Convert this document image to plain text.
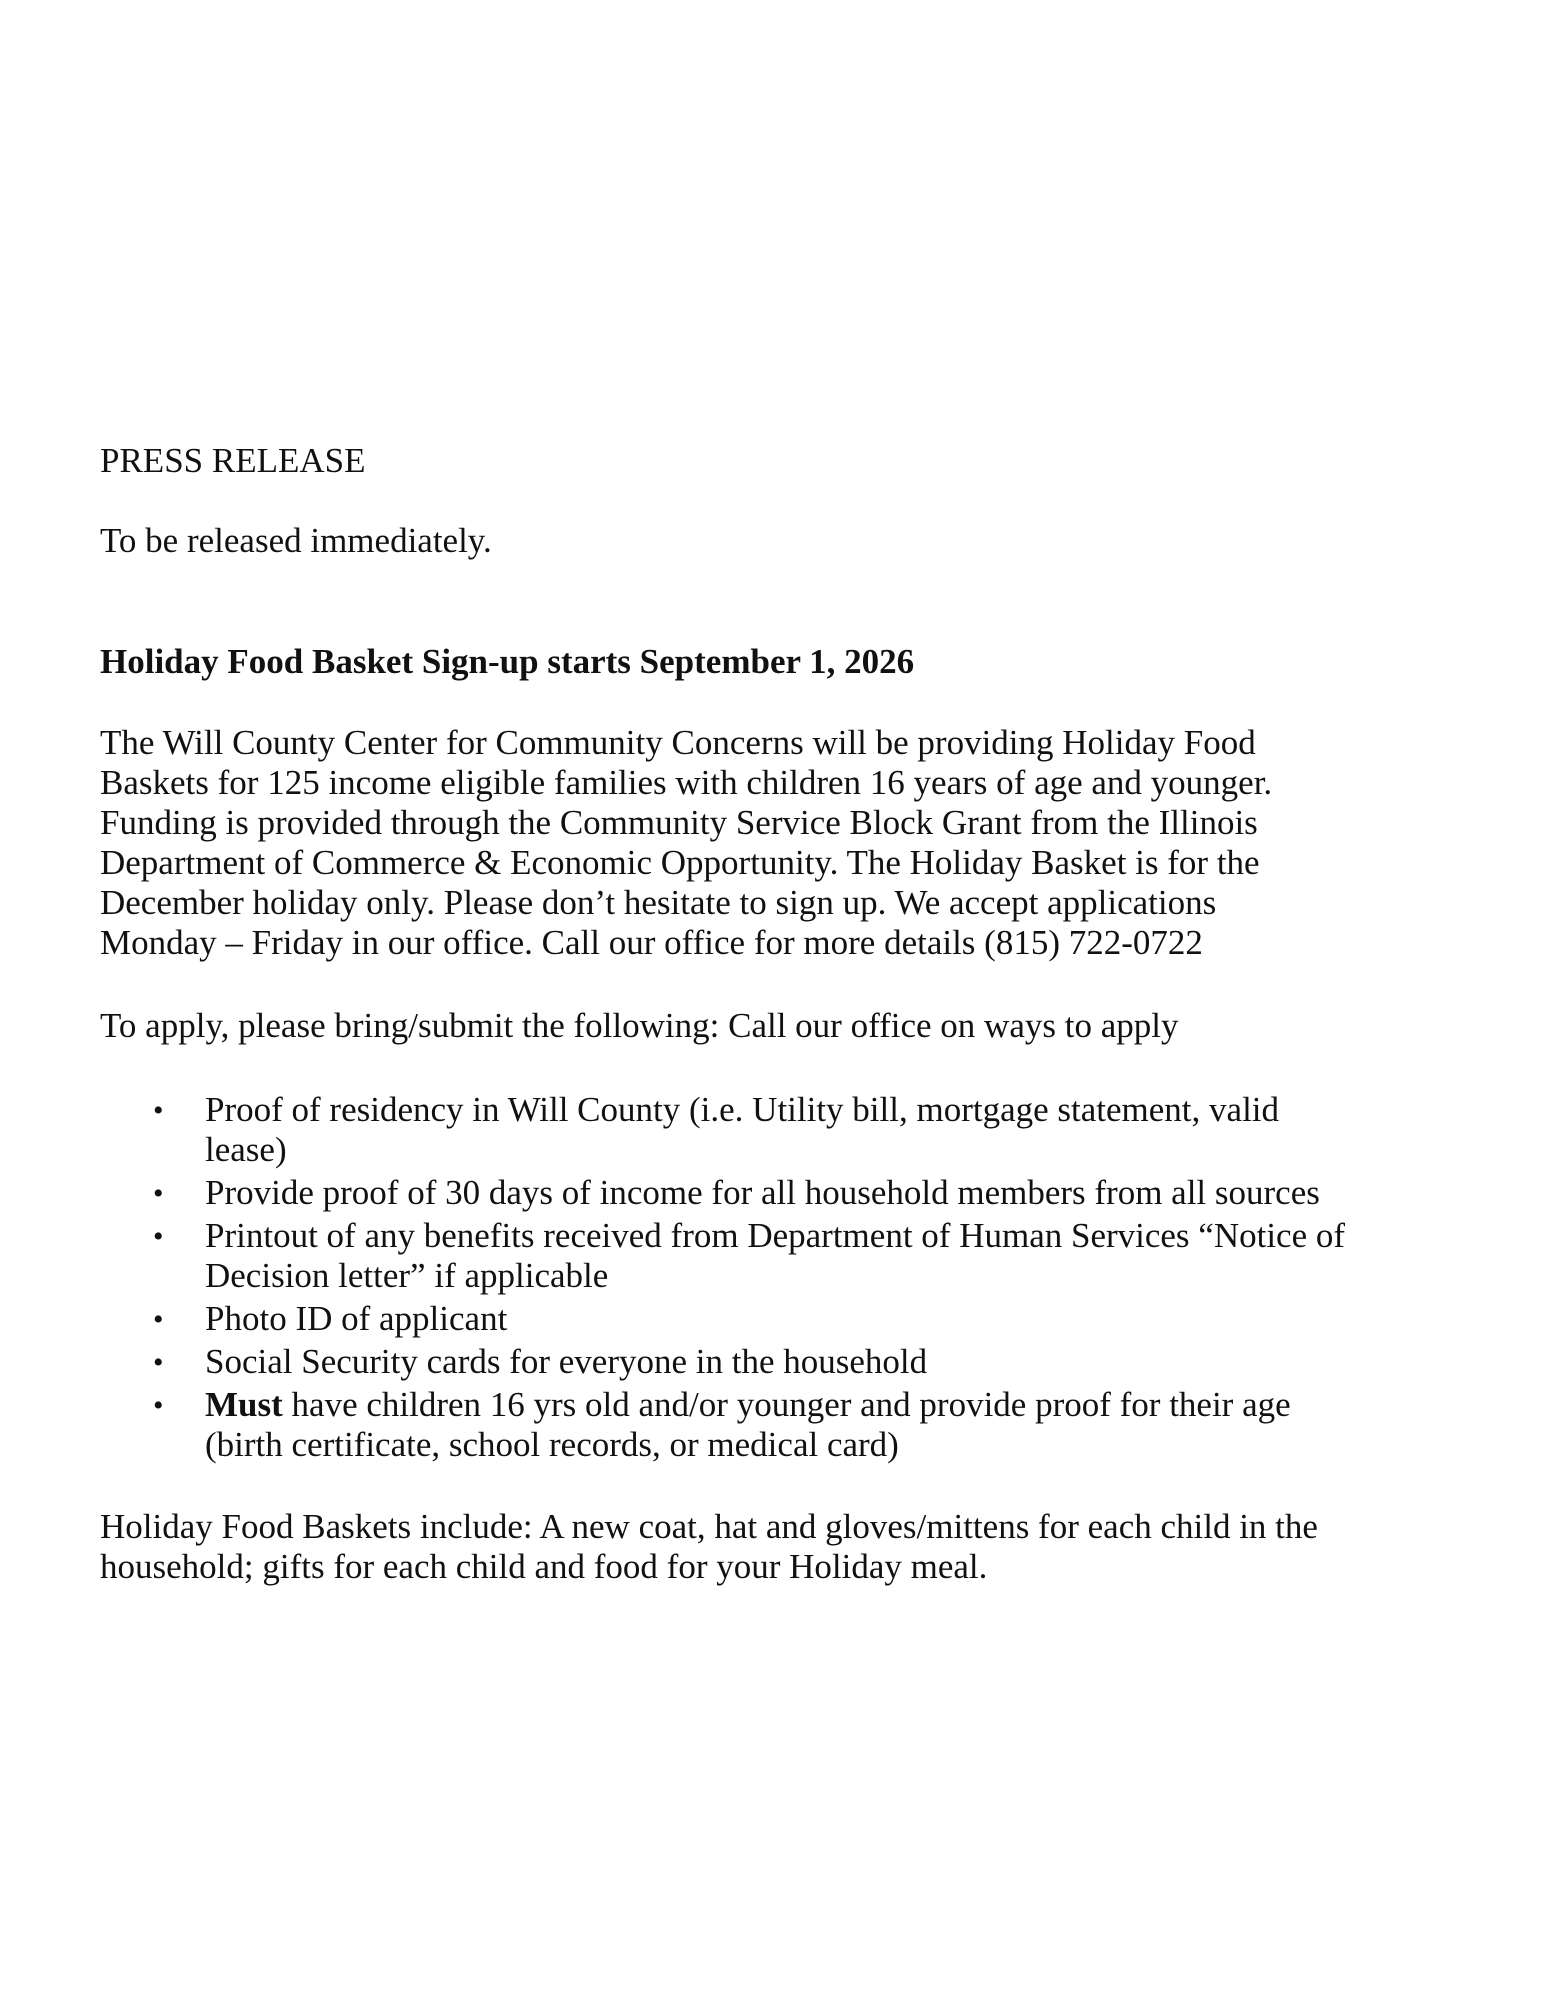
PRESS RELEASE

To be released immediately.

Holiday Food Basket Sign-up starts September 1, 2026

The Will County Center for Community Concerns will be providing Holiday Food
Baskets for 125 income eligible families with children 16 years of age and younger.
Funding is provided through the Community Service Block Grant from the Illinois
Department of Commerce & Economic Opportunity. The Holiday Basket is for the
December holiday only. Please don’t hesitate to sign up. We accept applications
Monday – Friday in our office. Call our office for more details (815) 722-0722

To apply, please bring/submit the following: Call our office on ways to apply

• Proof of residency in Will County (i.e. Utility bill, mortgage statement, valid
lease)
• Provide proof of 30 days of income for all household members from all sources
• Printout of any benefits received from Department of Human Services “Notice of
Decision letter” if applicable
• Photo ID of applicant
• Social Security cards for everyone in the household
• Must have children 16 yrs old and/or younger and provide proof for their age
(birth certificate, school records, or medical card)
Holiday Food Baskets include: A new coat, hat and gloves/mittens for each child in the
household; gifts for each child and food for your Holiday meal.
